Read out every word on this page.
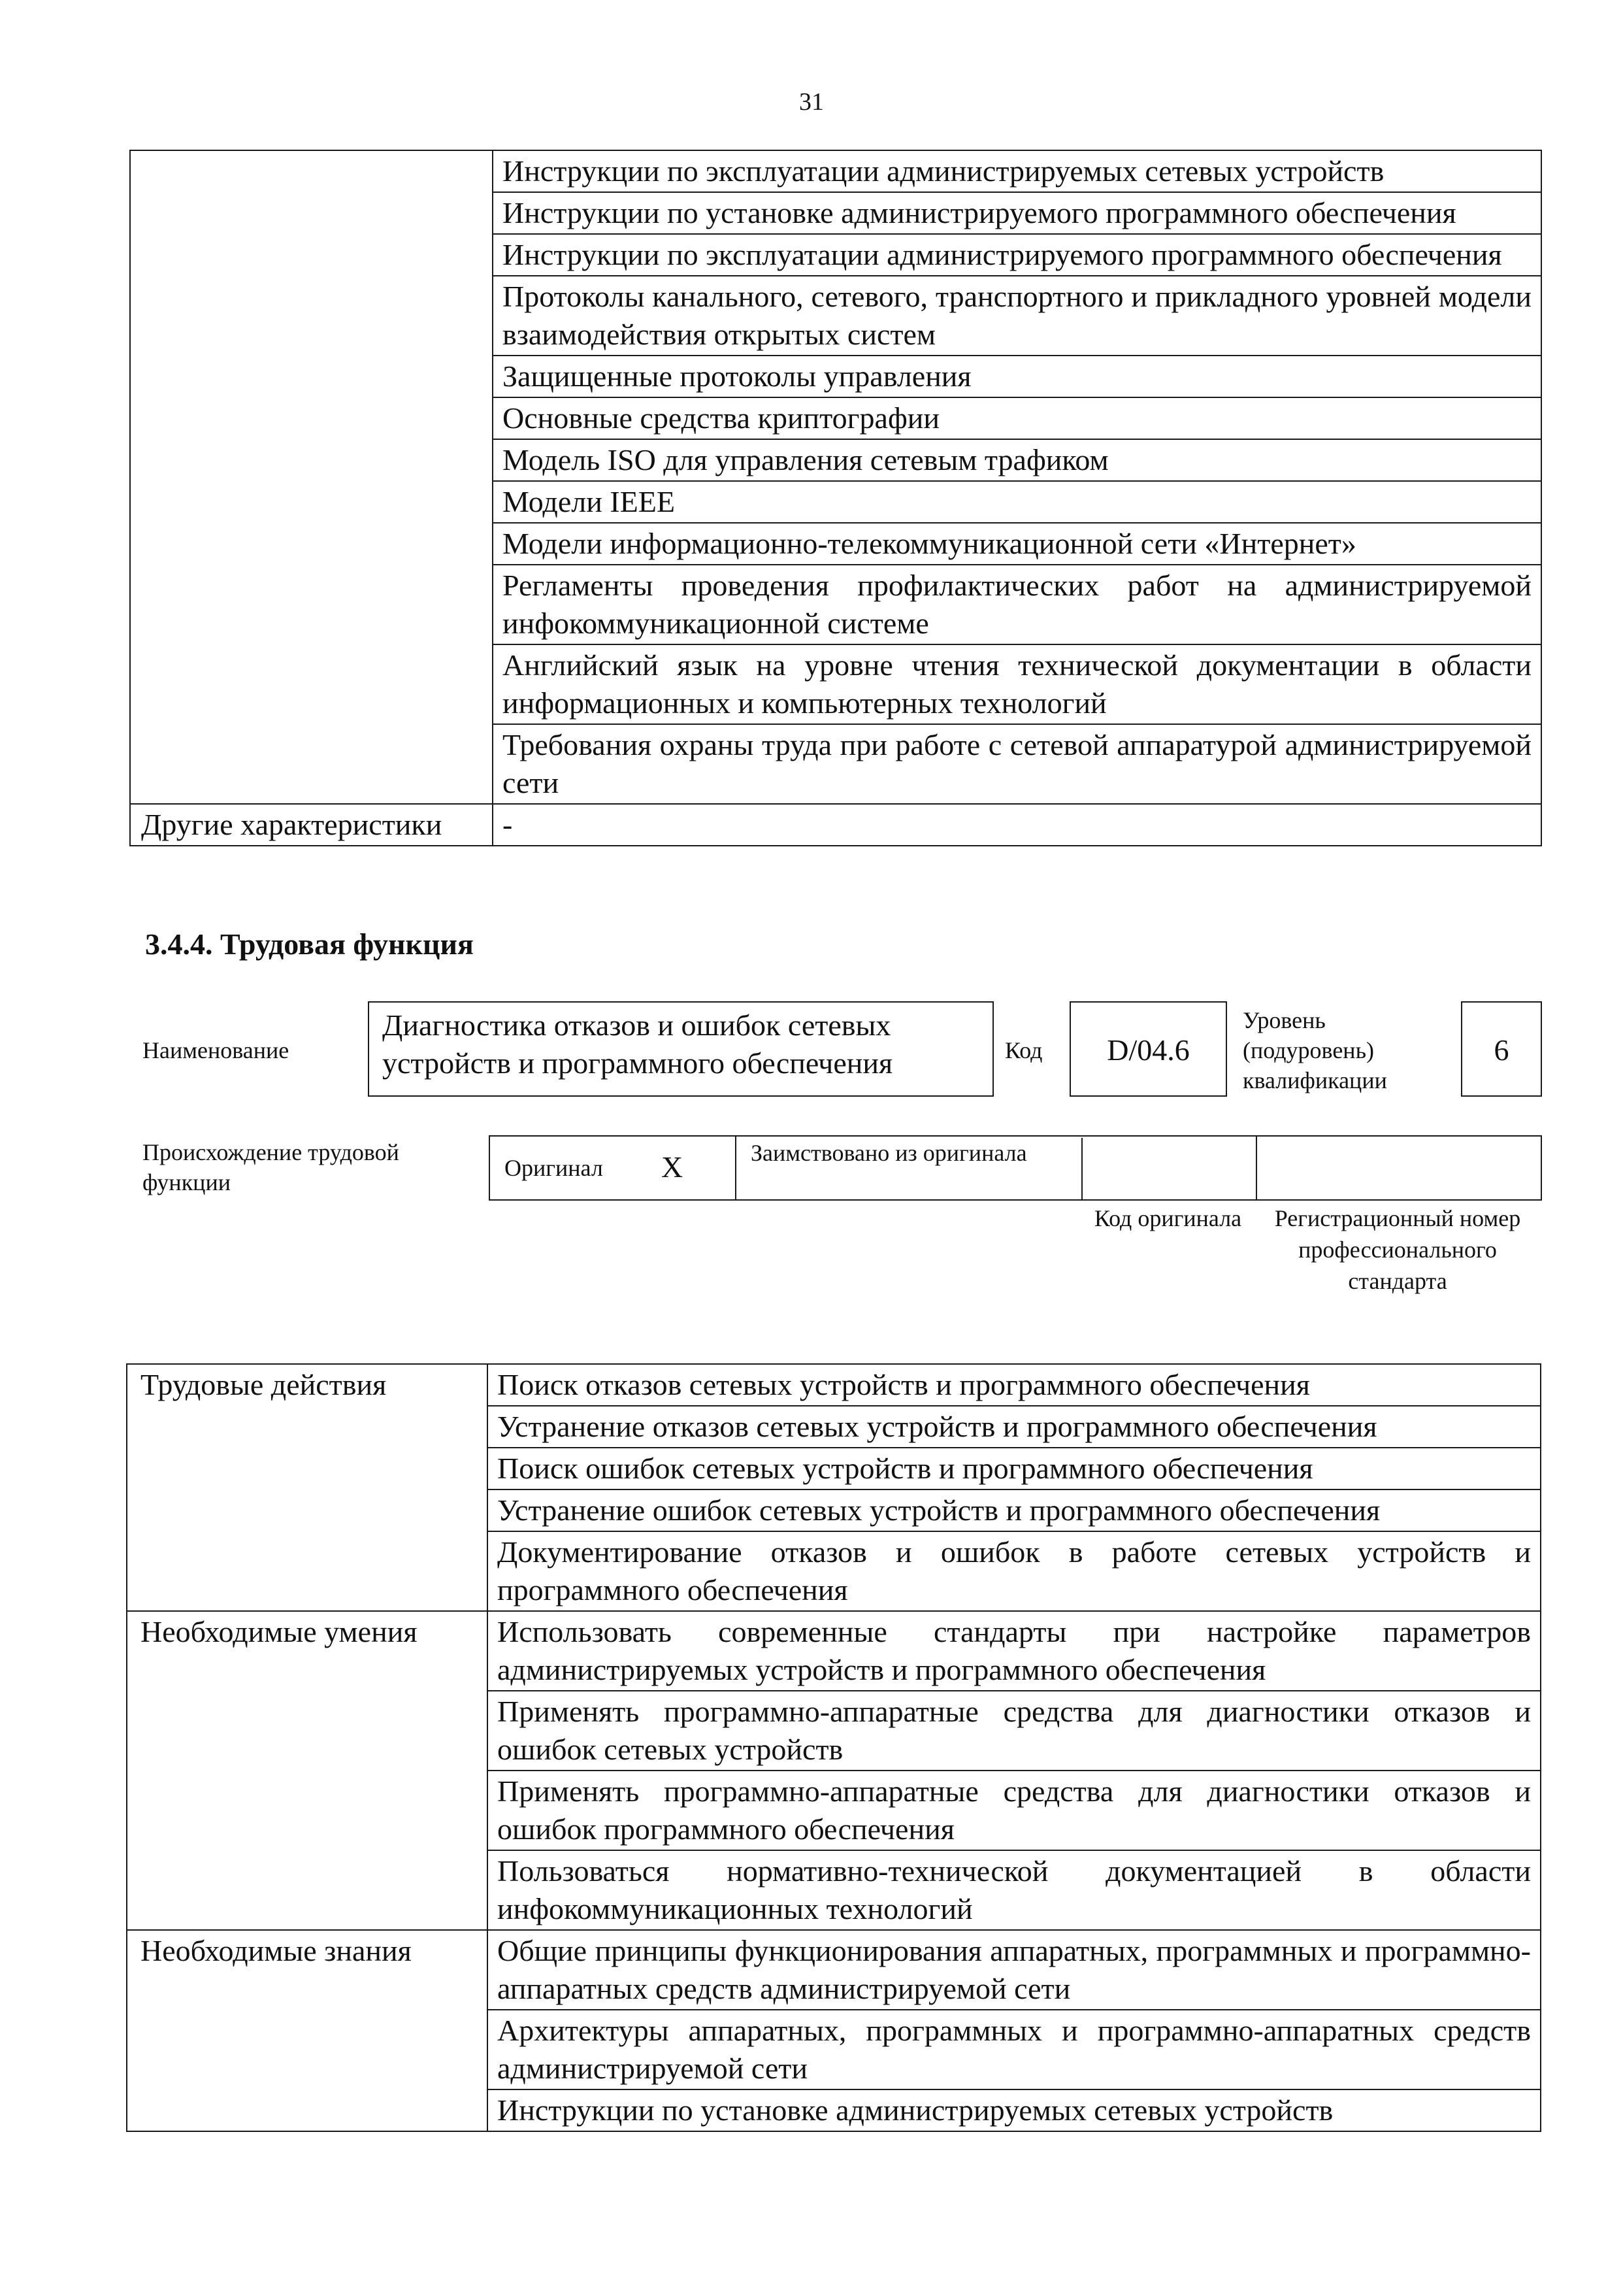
31
	Инструкции по эксплуатации администрируемых сетевых устройств
	Инструкции по установке администрируемого программного обеспечения
	Инструкции по эксплуатации администрируемого программного обеспечения
	Протоколы канального, сетевого, транспортного и прикладного уровней модели взаимодействия открытых систем
	Защищенные протоколы управления
	Основные средства криптографии
	Модель ISO для управления сетевым трафиком
	Модели IEEE
	Модели информационно-телекоммуникационной сети «Интернет»
	Регламенты проведения профилактических работ на администрируемой инфокоммуникационной системе
	Английский язык на уровне чтения технической документации в области информационных и компьютерных технологий
	Требования охраны труда при работе с сетевой аппаратурой администрируемой сети
Другие характеристики	-
3.4.4. Трудовая функция
Наименование
Диагностика отказов и ошибок сетевых устройств и программного обеспечения	Код	D/04.6
Уровень (подуровень) квалификации
6
Происхождение трудовой функции
Оригинал X	Заимствовано из оригинала
Код оригинала	Регистрационный номер профессионального стандарта
Трудовые действия	Поиск отказов сетевых устройств и программного обеспечения
	Устранение отказов сетевых устройств и программного обеспечения
	Поиск ошибок сетевых устройств и программного обеспечения
	Устранение ошибок сетевых устройств и программного обеспечения
	Документирование отказов и ошибок в работе сетевых устройств и программного обеспечения
Необходимые умения	Использовать современные стандарты при настройке параметров администрируемых устройств и программного обеспечения
	Применять программно-аппаратные средства для диагностики отказов и ошибок сетевых устройств
	Применять программно-аппаратные средства для диагностики отказов и ошибок программного обеспечения
	Пользоваться нормативно-технической документацией в области инфокоммуникационных технологий
Необходимые знания	Общие принципы функционирования аппаратных, программных и программно-аппаратных средств администрируемой сети
	Архитектуры аппаратных, программных и программно-аппаратных средств администрируемой сети
	Инструкции по установке администрируемых сетевых устройств
